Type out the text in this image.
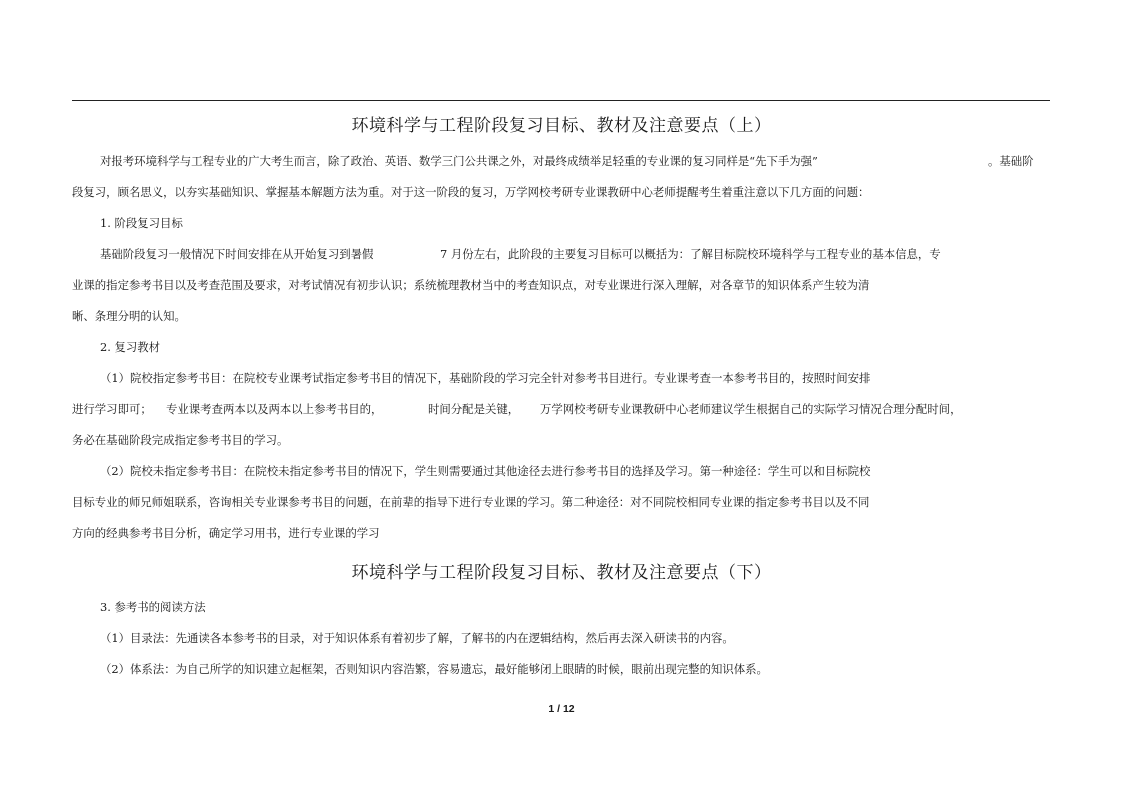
环境科学与工程阶段复习目标、教材及注意要点（上）
对报考环境科学与工程专业的广大考生而言，除了政治、英语、数学三门公共课之外，对最终成绩举足轻重的专业课的复习同样是“先下手为强”	。基础阶
段复习，顾名思义，以夯实基础知识、掌握基本解题方法为重。对于这一阶段的复习，万学网校考研专业课教研中心老师提醒考生着重注意以下几方面的问题：
1. 阶段复习目标
基础阶段复习一般情况下时间安排在从开始复习到暑假	7 月份左右，此阶段的主要复习目标可以概括为：了解目标院校环境科学与工程专业的基本信息，专
业课的指定参考书目以及考查范围及要求，对考试情况有初步认识；系统梳理教材当中的考查知识点，对专业课进行深入理解，对各章节的知识体系产生较为清
晰、条理分明的认知。
2. 复习教材
（1）院校指定参考书目：在院校专业课考试指定参考书目的情况下，基础阶段的学习完全针对参考书目进行。专业课考查一本参考书目的，按照时间安排
进行学习即可； 专业课考查两本以及两本以上参考书目的，	时间分配是关键， 万学网校考研专业课教研中心老师建议学生根据自己的实际学习情况合理分配时间，
务必在基础阶段完成指定参考书目的学习。
（2）院校未指定参考书目：在院校未指定参考书目的情况下，学生则需要通过其他途径去进行参考书目的选择及学习。第一种途径：学生可以和目标院校
目标专业的师兄师姐联系，咨询相关专业课参考书目的问题，在前辈的指导下进行专业课的学习。第二种途径：对不同院校相同专业课的指定参考书目以及不同
方向的经典参考书目分析，确定学习用书，进行专业课的学习
环境科学与工程阶段复习目标、教材及注意要点（下）
3. 参考书的阅读方法
（1）目录法：先通读各本参考书的目录，对于知识体系有着初步了解，了解书的内在逻辑结构，然后再去深入研读书的内容。
（2）体系法：为自己所学的知识建立起框架，否则知识内容浩繁，容易遗忘，最好能够闭上眼睛的时候，眼前出现完整的知识体系。
1 / 12
